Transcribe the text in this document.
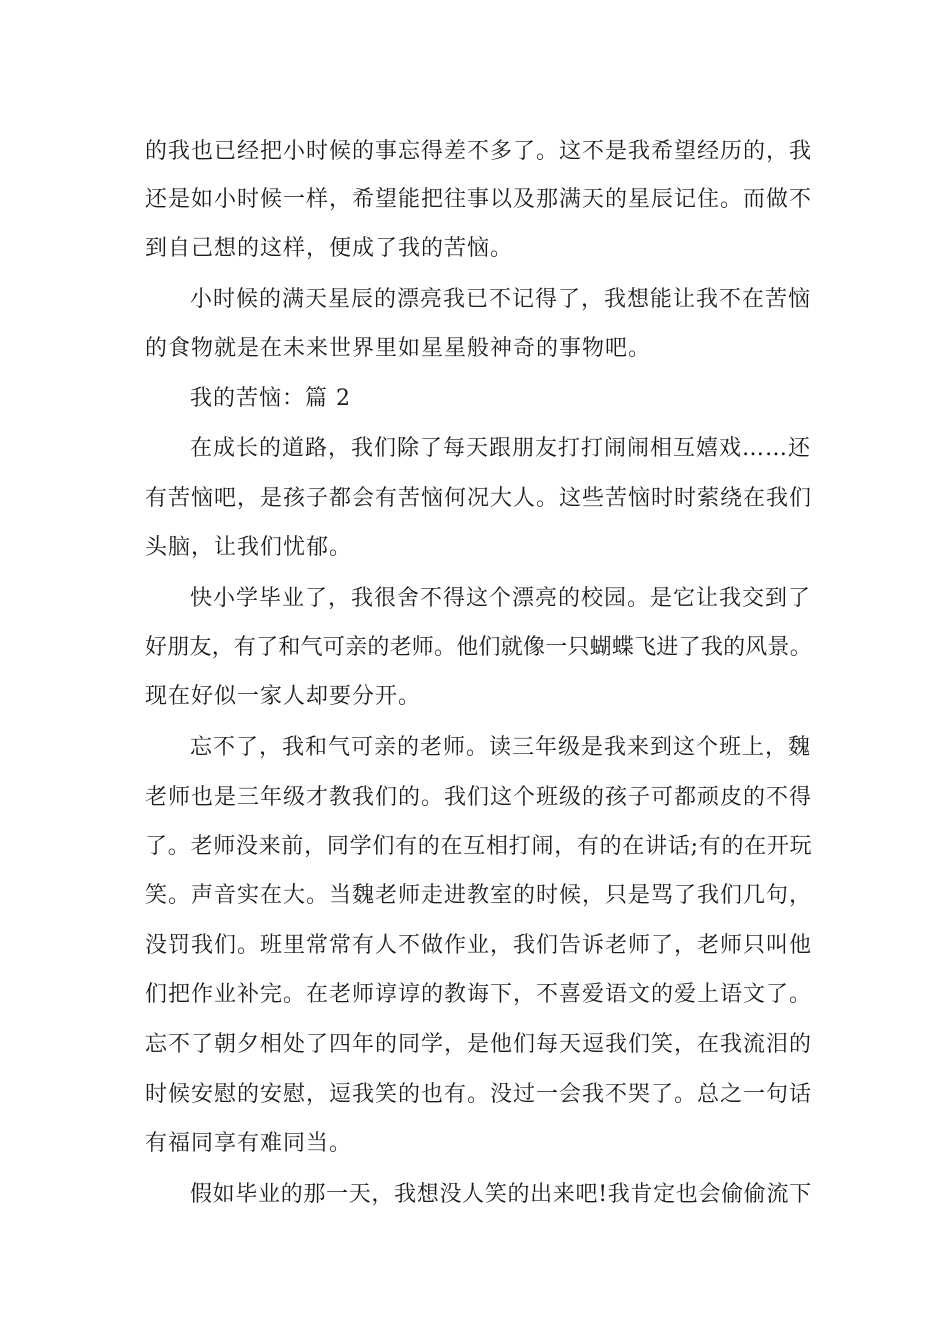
的我也已经把小时候的事忘得差不多了。这不是我希望经历的，我
还是如小时候一样，希望能把往事以及那满天的星辰记住。而做不
到自己想的这样，便成了我的苦恼。
小时候的满天星辰的漂亮我已不记得了，我想能让我不在苦恼
的食物就是在未来世界里如星星般神奇的事物吧。
我的苦恼：篇 2
在成长的道路，我们除了每天跟朋友打打闹闹相互嬉戏……还
有苦恼吧，是孩子都会有苦恼何况大人。这些苦恼时时萦绕在我们
头脑，让我们忧郁。
快小学毕业了，我很舍不得这个漂亮的校园。是它让我交到了
好朋友，有了和气可亲的老师。他们就像一只蝴蝶飞进了我的风景。
现在好似一家人却要分开。
忘不了，我和气可亲的老师。读三年级是我来到这个班上，魏
老师也是三年级才教我们的。我们这个班级的孩子可都顽皮的不得
了。老师没来前，同学们有的在互相打闹，有的在讲话;有的在开玩
笑。声音实在大。当魏老师走进教室的时候，只是骂了我们几句，
没罚我们。班里常常有人不做作业，我们告诉老师了，老师只叫他
们把作业补完。在老师谆谆的教诲下，不喜爱语文的爱上语文了。
忘不了朝夕相处了四年的同学，是他们每天逗我们笑，在我流泪的
时候安慰的安慰，逗我笑的也有。没过一会我不哭了。总之一句话
有福同享有难同当。
假如毕业的那一天，我想没人笑的出来吧!我肯定也会偷偷流下
